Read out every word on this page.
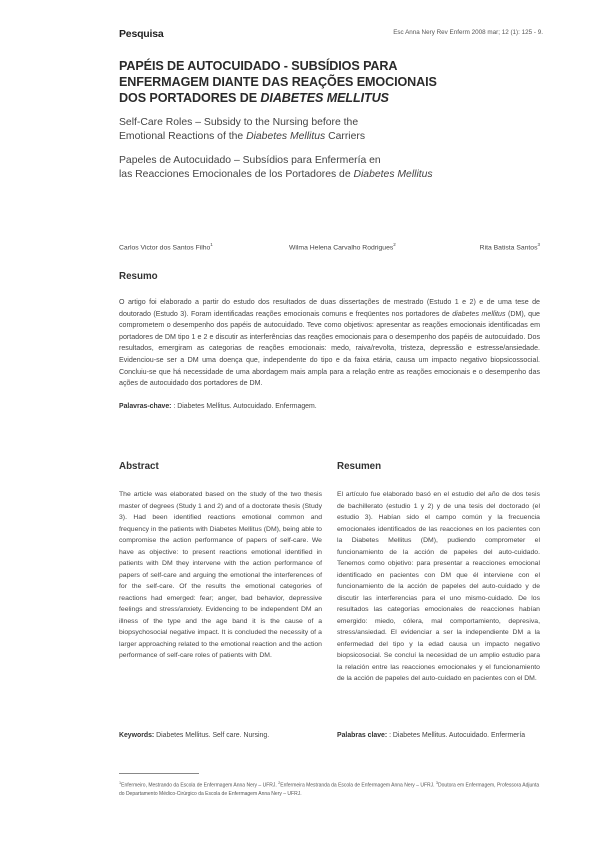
Pesquisa	Esc Anna Nery Rev Enferm 2008 mar; 12 (1): 125 - 9.
PAPÉIS DE AUTOCUIDADO - SUBSÍDIOS PARA
ENFERMAGEM DIANTE DAS REAÇÕES EMOCIONAIS
DOS PORTADORES DE DIABETES MELLITUS

Self-Care Roles – Subsidy to the Nursing before the
Emotional Reactions of the Diabetes Mellitus Carriers

Papeles de Autocuidado – Subsídios para Enfermería en
las Reacciones Emocionales de los Portadores de Diabetes Mellitus

Carlos Victor dos Santos Filho$^1$	Wilma Helena Carvalho Rodrigues$^2$	Rita Batista Santos$^3$
Resumo

O artigo foi elaborado a partir do estudo dos resultados de duas dissertações de mestrado (Estudo 1 e 2) e de uma tese de doutorado (Estudo 3). Foram identificadas reações emocionais comuns e freqüentes nos portadores de diabetes mellitus (DM), que comprometem o desempenho dos papéis de autocuidado. Teve como objetivos: apresentar as reações emocionais identificadas em portadores de DM tipo 1 e 2 e discutir as interferências das reações emocionais para o desempenho dos papéis de autocuidado. Dos resultados, emergiram as categorias de reações emocionais: medo, raiva/revolta, tristeza, depressão e estresse/ansiedade. Evidenciou-se ser a DM uma doença que, independente do tipo e da faixa etária, causa um impacto negativo biopsicossocial. Concluiu-se que há necessidade de uma abordagem mais ampla para a relação entre as reações emocionais e o desempenho das ações de autocuidado dos portadores de DM.

Palavras-chave: : Diabetes Mellitus. Autocuidado. Enfermagem.

Abstract

The article was elaborated based on the study of the two thesis master of degrees (Study 1 and 2) and of a doctorate thesis (Study 3). Had been identified reactions emotional common and frequency in the patients with Diabetes Mellitus (DM), being able to compromise the action performance of papers of self-care. We have as objective: to present reactions emotional identified in patients with DM they intervene with the action performance of papers of self-care and arguing the emotional the interferences of for the self-care. Of the results the emotional categories of reactions had emerged: fear; anger, bad behavior, depressive feelings and stress/anxiety. Evidencing to be independent DM an illness of the type and the age band it is the cause of a biopsychosocial negative impact. It is concluded the necessity of a larger approaching related to the emotional reaction and the action performance of self-care roles of patients with DM.

Resumen

El artículo fue elaborado basó en el estudio del año de dos tesis de bachillerato (estudio 1 y 2) y de una tesis del doctorado (el estudio 3). Habían sido el campo común y la frecuencia emocionales identificados de las reacciones en los pacientes con la Diabetes Mellitus (DM), pudiendo comprometer el funcionamiento de la acción de papeles del auto-cuidado. Tenemos como objetivo: para presentar a reacciones emocional identificado en pacientes con DM que él interviene con el funcionamiento de la acción de papeles del auto-cuidado y de discutir las interferencias para el uno mismo-cuidado. De los resultados las categorías emocionales de reacciones habían emergido: miedo, cólera, mal comportamiento, depresiva, stress/ansiedad. El evidenciar a ser la independiente DM a la enfermedad del tipo y la edad causa un impacto negativo biopsicosocial. Se concluí la necesidad de un amplio estudio para la relación entre las reacciones emocionales y el funcionamiento de la acción de papeles del auto-cuidado en pacientes con el DM.

Keywords: Diabetes Mellitus. Self care. Nursing.	Palabras clave: : Diabetes Mellitus. Autocuidado. Enfermería

$^1$Enfermeiro, Mestrando da Escola de Enfermagem Anna Nery – UFRJ. $^2$Enfermeira Mestranda da Escola de Enfermagem Anna Nery – UFRJ. $^3$Doutora em Enfermagem, Professora Adjunta do Departamento Médico-Cirúrgico da Escola de Enfermagem Anna Nery – UFRJ.
